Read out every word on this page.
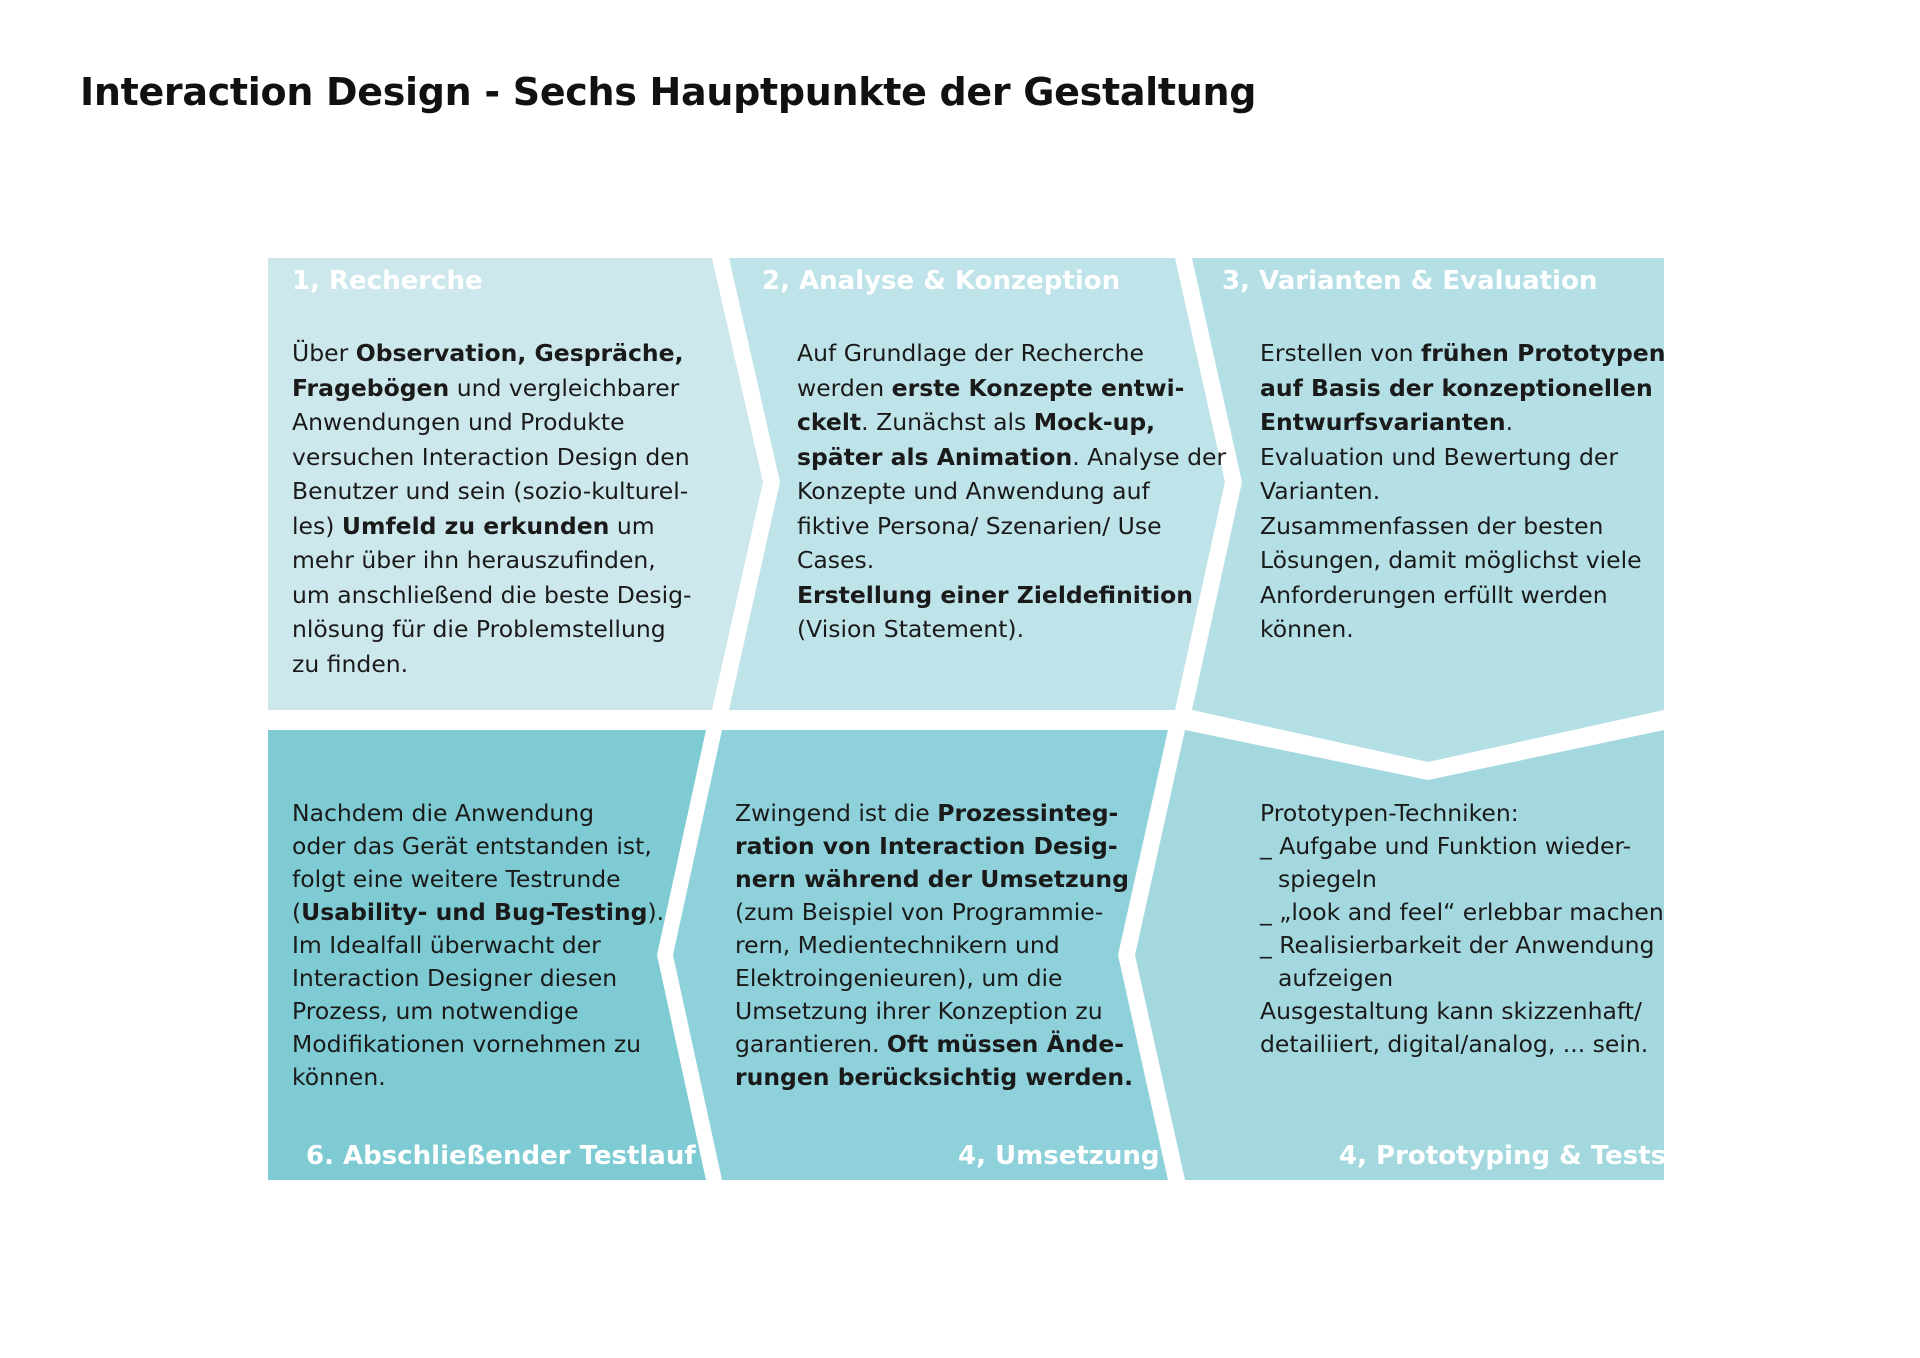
Interaction Design - Sechs Hauptpunkte der Gestaltung
1, Recherche	2, Analyse & Konzeption	3, Varianten & Evaluation
6. Abschließender Testlauf	4, Umsetzung	4, Prototyping & Tests
Über Observation, Gespräche,
Fragebögen und vergleichbarer
Anwendungen und Produkte
versuchen Interaction Design den
Benutzer und sein (sozio-kulturel-
les) Umfeld zu erkunden um
mehr über ihn herauszufinden,
um anschließend die beste Desig-
nlösung für die Problemstellung
zu finden.
Auf Grundlage der Recherche
werden erste Konzepte entwi-
ckelt. Zunächst als Mock-up,
später als Animation. Analyse der
Konzepte und Anwendung auf
fiktive Persona/ Szenarien/ Use
Cases.
Erstellung einer Zieldefinition
(Vision Statement).
Erstellen von frühen Prototypen
auf Basis der konzeptionellen
Entwurfsvarianten.
Evaluation und Bewertung der
Varianten.
Zusammenfassen der besten
Lösungen, damit möglichst viele
Anforderungen erfüllt werden
können.
Nachdem die Anwendung
oder das Gerät entstanden ist,
folgt eine weitere Testrunde
(Usability- und Bug-Testing).
Im Idealfall überwacht der
Interaction Designer diesen
Prozess, um notwendige
Modifikationen vornehmen zu
können.
Zwingend ist die Prozessinteg-
ration von Interaction Desig-
nern während der Umsetzung
(zum Beispiel von Programmie-
rern, Medientechnikern und
Elektroingenieuren), um die
Umsetzung ihrer Konzeption zu
garantieren. Oft müssen Ände-
rungen berücksichtig werden.
Prototypen-Techniken:
_ Aufgabe und Funktion wieder-
spiegeln
_ „look and feel“ erlebbar machen
_ Realisierbarkeit der Anwendung
aufzeigen
Ausgestaltung kann skizzenhaft/
detailiiert, digital/analog, ... sein.
